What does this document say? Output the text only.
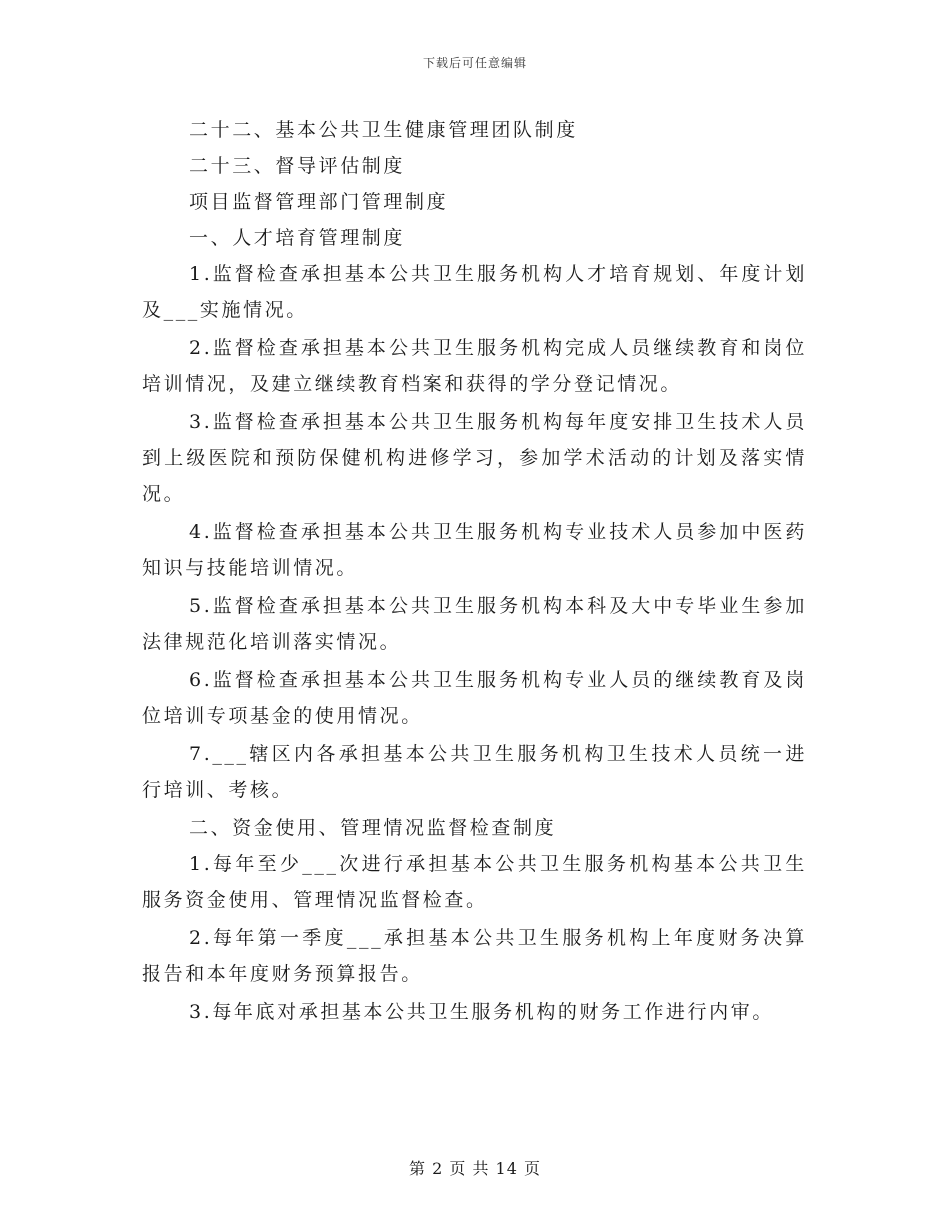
下载后可任意编辑

二十二、基本公共卫生健康管理团队制度

二十三、督导评估制度

项目监督管理部门管理制度

一、人才培育管理制度

1.监督检查承担基本公共卫生服务机构人才培育规划、年度计划及___实施情况。

2.监督检查承担基本公共卫生服务机构完成人员继续教育和岗位培训情况，及建立继续教育档案和获得的学分登记情况。

3.监督检查承担基本公共卫生服务机构每年度安排卫生技术人员到上级医院和预防保健机构进修学习，参加学术活动的计划及落实情况。

4.监督检查承担基本公共卫生服务机构专业技术人员参加中医药知识与技能培训情况。

5.监督检查承担基本公共卫生服务机构本科及大中专毕业生参加法律规范化培训落实情况。

6.监督检查承担基本公共卫生服务机构专业人员的继续教育及岗位培训专项基金的使用情况。

7.___辖区内各承担基本公共卫生服务机构卫生技术人员统一进行培训、考核。

二、资金使用、管理情况监督检查制度

1.每年至少___次进行承担基本公共卫生服务机构基本公共卫生服务资金使用、管理情况监督检查。

2.每年第一季度___承担基本公共卫生服务机构上年度财务决算报告和本年度财务预算报告。

3.每年底对承担基本公共卫生服务机构的财务工作进行内审。

第 2 页 共 14 页
